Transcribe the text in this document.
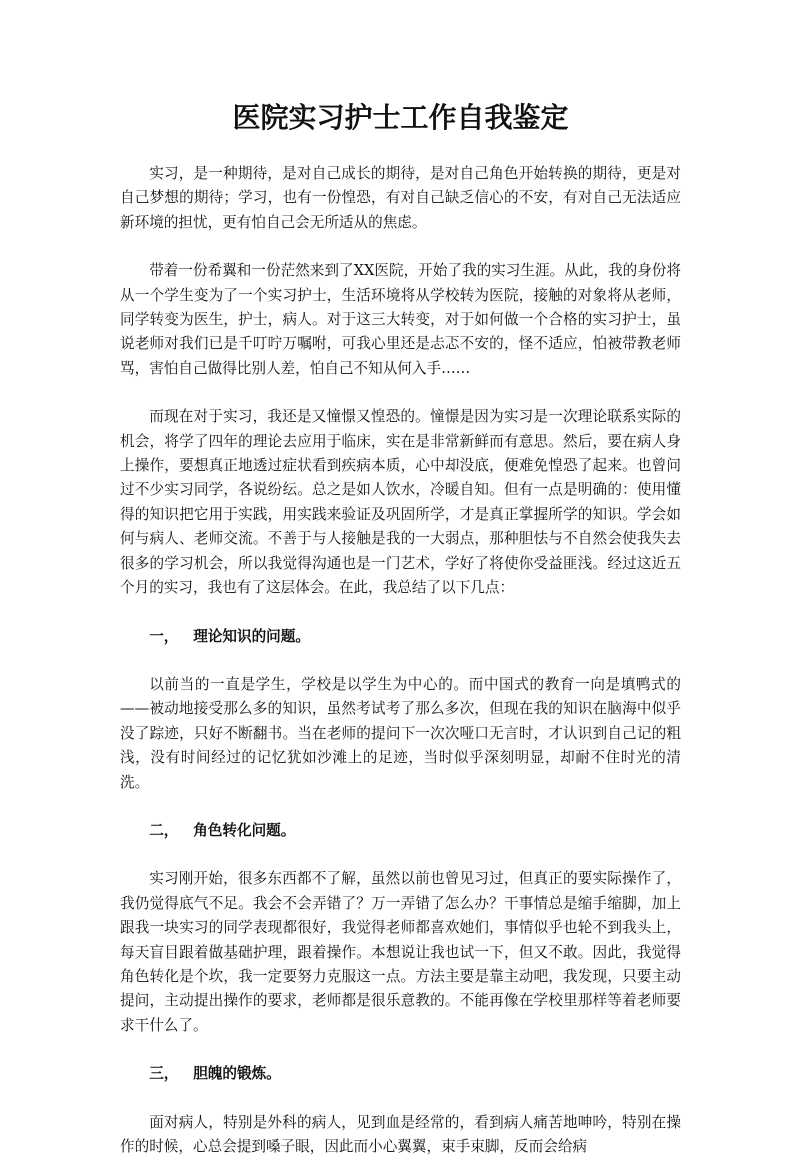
医院实习护士工作自我鉴定

实习，是一种期待，是对自己成长的期待，是对自己角色开始转换的期待，更是对自己梦想的期待；学习，也有一份惶恐，有对自己缺乏信心的不安，有对自己无法适应新环境的担忧，更有怕自己会无所适从的焦虑。

带着一份希翼和一份茫然来到了XX医院，开始了我的实习生涯。从此，我的身份将从一个学生变为了一个实习护士，生活环境将从学校转为医院，接触的对象将从老师，同学转变为医生，护士，病人。对于这三大转变，对于如何做一个合格的实习护士，虽说老师对我们已是千叮咛万嘱咐，可我心里还是忐忑不安的，怪不适应，怕被带教老师骂，害怕自己做得比别人差，怕自己不知从何入手……

而现在对于实习，我还是又憧憬又惶恐的。憧憬是因为实习是一次理论联系实际的机会，将学了四年的理论去应用于临床，实在是非常新鲜而有意思。然后，要在病人身上操作，要想真正地透过症状看到疾病本质，心中却没底，便难免惶恐了起来。也曾问过不少实习同学，各说纷纭。总之是如人饮水，冷暖自知。但有一点是明确的：使用懂得的知识把它用于实践，用实践来验证及巩固所学，才是真正掌握所学的知识。学会如何与病人、老师交流。不善于与人接触是我的一大弱点，那种胆怯与不自然会使我失去很多的学习机会，所以我觉得沟通也是一门艺术，学好了将使你受益匪浅。经过这近五个月的实习，我也有了这层体会。在此，我总结了以下几点：

一， 理论知识的问题。

以前当的一直是学生，学校是以学生为中心的。而中国式的教育一向是填鸭式的——被动地接受那么多的知识，虽然考试考了那么多次，但现在我的知识在脑海中似乎没了踪迹，只好不断翻书。当在老师的提问下一次次哑口无言时，才认识到自己记的粗浅，没有时间经过的记忆犹如沙滩上的足迹，当时似乎深刻明显，却耐不住时光的清洗。

二， 角色转化问题。

实习刚开始，很多东西都不了解，虽然以前也曾见习过，但真正的要实际操作了，我仍觉得底气不足。我会不会弄错了？万一弄错了怎么办？干事情总是缩手缩脚，加上跟我一块实习的同学表现都很好，我觉得老师都喜欢她们，事情似乎也轮不到我头上，每天盲目跟着做基础护理，跟着操作。本想说让我也试一下，但又不敢。因此，我觉得角色转化是个坎，我一定要努力克服这一点。方法主要是靠主动吧，我发现，只要主动提问，主动提出操作的要求，老师都是很乐意教的。不能再像在学校里那样等着老师要求干什么了。

三， 胆魄的锻炼。

面对病人，特别是外科的病人，见到血是经常的，看到病人痛苦地呻吟，特别在操作的时候，心总会提到嗓子眼，因此而小心翼翼，束手束脚，反而会给病
